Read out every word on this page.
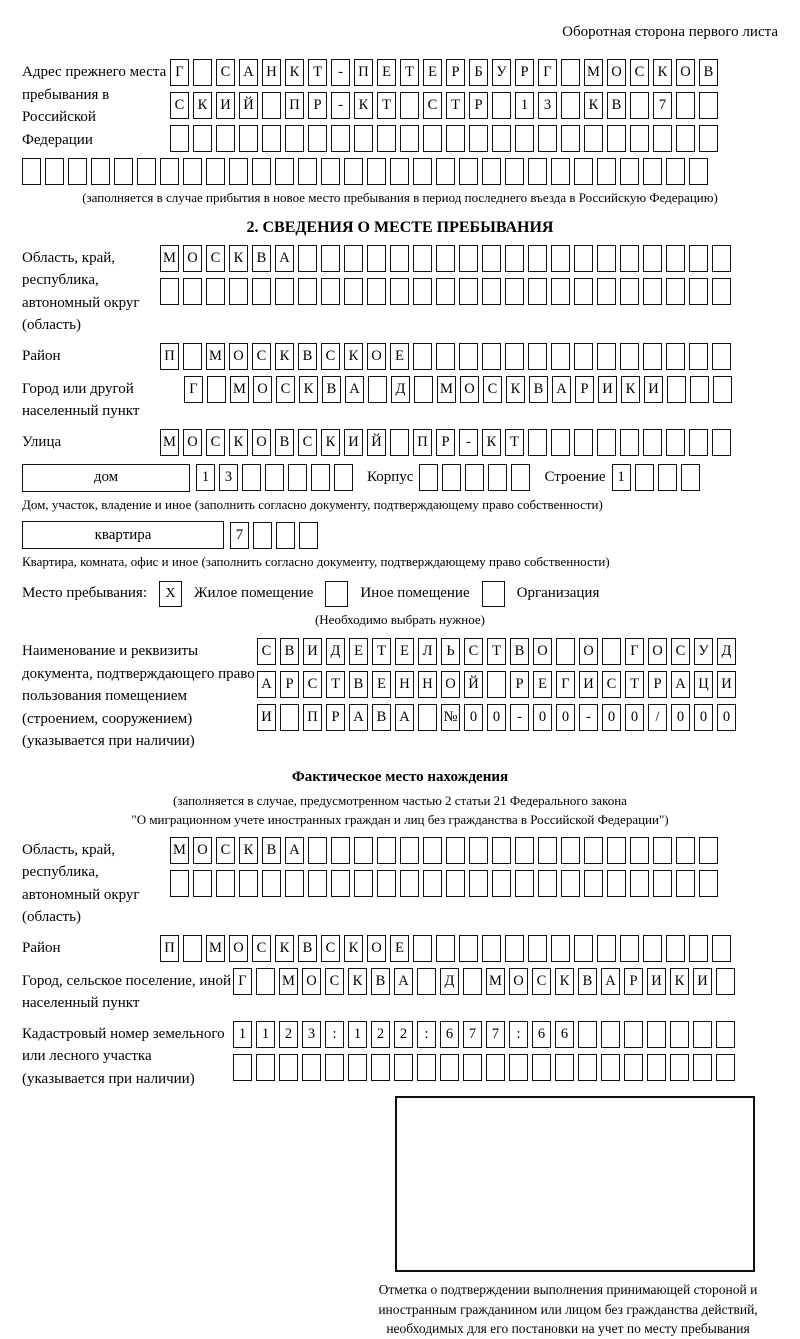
Оборотная сторона первого листа
Адрес прежнего места пребывания в Российской Федерации
Г	С А Н К Т	-	П Е Т Е	Р	Б У Р	Г	М О С К О В
С К И Й П Р	-	К Т	С Т	Р	1	3	К В	7
(заполняется в случае прибытия в новое место пребывания в период последнего въезда в Российскую Федерацию)
2. СВЕДЕНИЯ О МЕСТЕ ПРЕБЫВАНИЯ
Область, край, республика, автономный округ (область)
М О С К В А
Район	П М О С К В С К О Е
Город или другой населенный пункт
Г	М О С К В А	Д	М О С К В А Р И К И
Улица	М О С К О В С К И Й П Р	-	К Т
дом	1	3	Корпус	Строение 1
Дом, участок, владение и иное (заполнить согласно документу, подтверждающему право собственности)
квартира	7
Квартира, комната, офис и иное (заполнить согласно документу, подтверждающему право собственности)
Место пребывания:	X	Жилое помещение	Иное помещение	Организация
(Необходимо выбрать нужное)
Наименование и реквизиты документа, подтверждающего право пользования помещением (строением, сооружением) (указывается при наличии)
С В И Д Е Т Е Л Ь С Т В О О	Г О С У Д
А Р С Т В Е Н Н О Й	Р	Е Г И С Т	Р А Ц И
И П Р А В А № 0	0	-	0	0	-	0	0	/	0	0	0
Фактическое место нахождения
(заполняется в случае, предусмотренном частью 2 статьи 21 Федерального закона
"О миграционном учете иностранных граждан и лиц без гражданства в Российской Федерации")
Область, край, республика, автономный округ (область)
М О С К В А
Район	П М О С К В С К О Е
Город, сельское поселение, иной населенный пункт
Г	М О С К В А	Д	М О С К В А Р И К И
Кадастровый номер земельного или лесного участка (указывается при наличии)
1	1	2	3	:	1	2	2	:	6	7	7	:	6	6
Отметка о подтверждении выполнения принимающей стороной и иностранным гражданином или лицом без гражданства действий, необходимых для его постановки на учет по месту пребывания
